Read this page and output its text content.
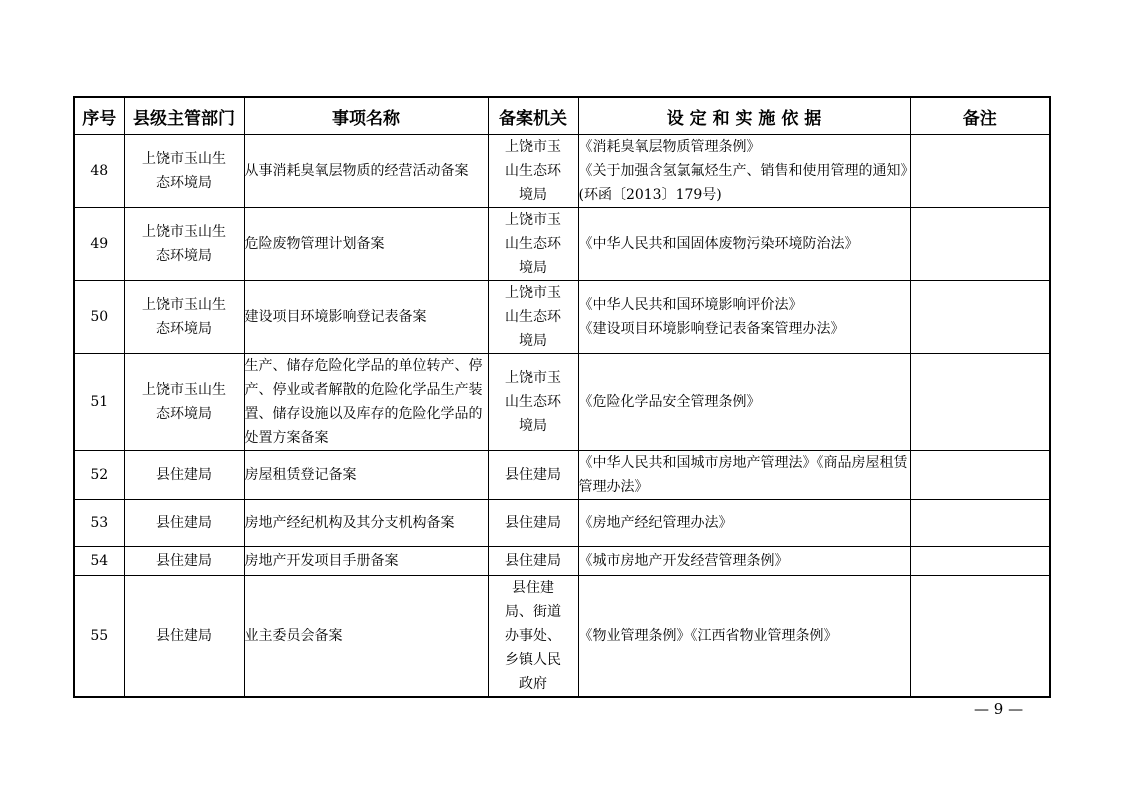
序号	县级主管部门	事项名称	备案机关	设 定 和 实 施 依 据	备注
48	上饶市玉山生态环境局	从事消耗臭氧层物质的经营活动备案	上饶市玉山生态环境局	《消耗臭氧层物质管理条例》
《关于加强含氢氯氟烃生产、销售和使用管理的通知》(环函〔2013〕179号)	

49	上饶市玉山生态环境局	危险废物管理计划备案	上饶市玉山生态环境局	《中华人民共和国固体废物污染环境防治法》	

50	上饶市玉山生态环境局	建设项目环境影响登记表备案	上饶市玉山生态环境局	《中华人民共和国环境影响评价法》
《建设项目环境影响登记表备案管理办法》	

51	上饶市玉山生态环境局	生产、储存危险化学品的单位转产、停产、停业或者解散的危险化学品生产装置、储存设施以及库存的危险化学品的处置方案备案	上饶市玉山生态环境局	《危险化学品安全管理条例》	

52	县住建局	房屋租赁登记备案	县住建局	《中华人民共和国城市房地产管理法》《商品房屋租赁管理办法》	

53	县住建局	房地产经纪机构及其分支机构备案	县住建局	《房地产经纪管理办法》	

54	县住建局	房地产开发项目手册备案	县住建局	《城市房地产开发经营管理条例》	

55	县住建局	业主委员会备案	县住建局、街道办事处、乡镇人民政府	《物业管理条例》《江西省物业管理条例》	

— 9 —
